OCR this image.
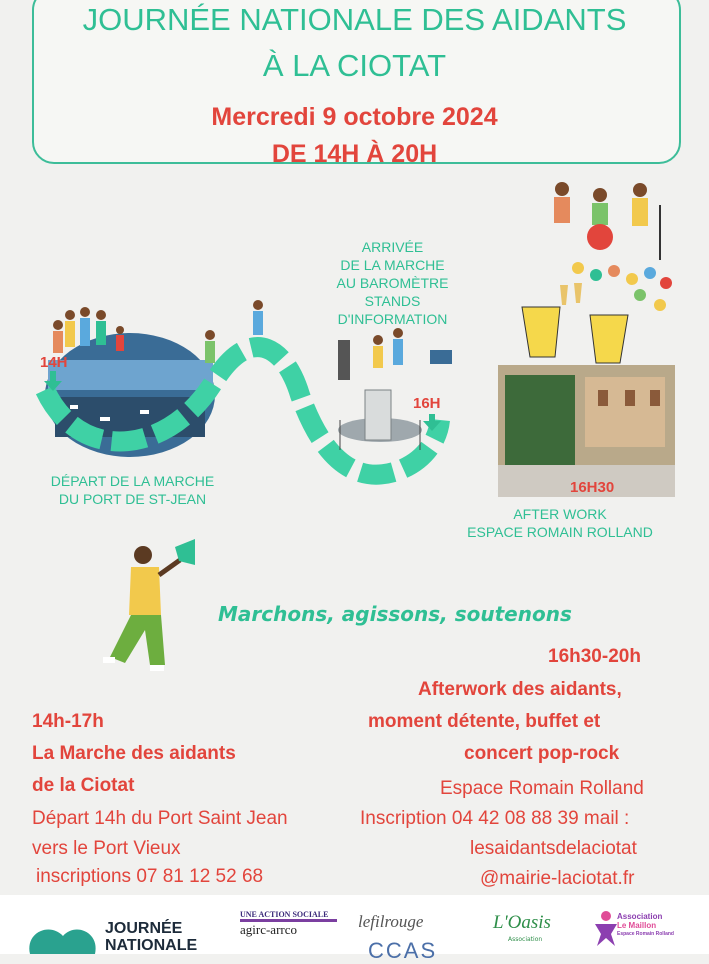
JOURNÉE NATIONALE DES AIDANTS
À LA CIOTAT
Mercredi 9 octobre 2024
DE 14H À 20H
14H
16H
16H30
ARRIVÉE
DE LA MARCHE
AU BAROMÈTRE
STANDS
D'INFORMATION
DÉPART DE LA MARCHE
DU PORT DE ST-JEAN
AFTER WORK
ESPACE ROMAIN ROLLAND
Marchons, agissons, soutenons
16h30-20h
Afterwork des aidants,
moment détente, buffet et
concert pop-rock
Espace Romain Rolland
Inscription 04 42 08 88 39 mail :
lesaidantsdelaciotat
@mairie-laciotat.fr
14h-17h
La Marche des aidants
de la Ciotat
Départ 14h du Port Saint Jean
vers le Port Vieux
inscriptions 07 81 12 52 68
JOURNÉE
NATIONALE
UNE ACTION SOCIALE
agirc-arrco	lefilrouge
CCAS
L'Oasis
Association
Association
Le Maillon
Espace Romain Rolland
